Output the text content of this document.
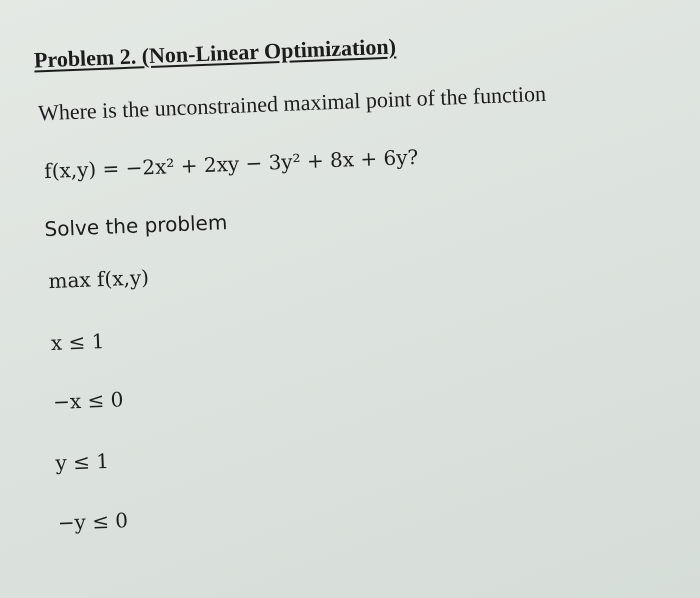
Problem 2. (Non-Linear Optimization)
Where is the unconstrained maximal point of the function
f(x,y) = −2x² + 2xy − 3y² + 8x + 6y?
Solve the problem
max f(x,y)
x ≤ 1
−x ≤ 0
y ≤ 1
−y ≤ 0
